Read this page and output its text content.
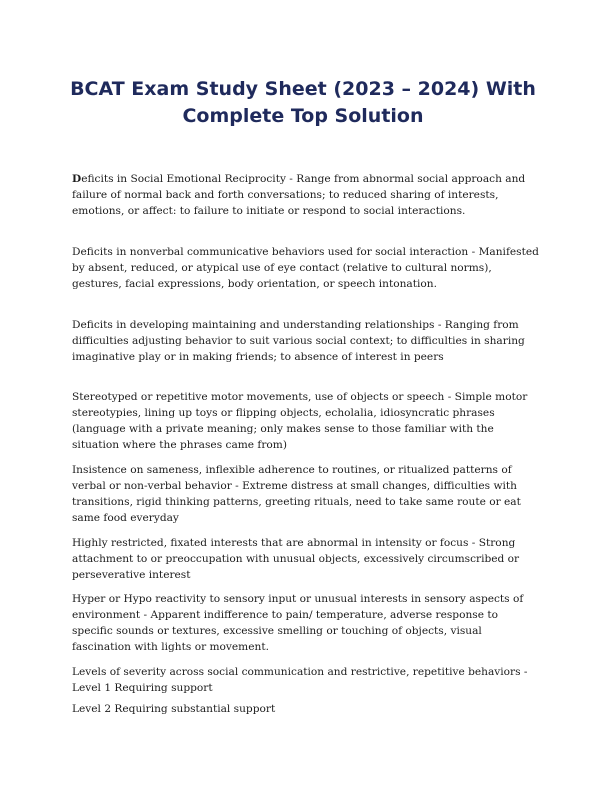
BCAT Exam Study Sheet (2023 – 2024) With
Complete Top Solution

Deficits in Social Emotional Reciprocity - Range from abnormal social approach and failure of normal back and forth conversations; to reduced sharing of interests, emotions, or affect: to failure to initiate or respond to social interactions.

Deficits in nonverbal communicative behaviors used for social interaction - Manifested by absent, reduced, or atypical use of eye contact (relative to cultural norms), gestures, facial expressions, body orientation, or speech intonation.

Deficits in developing maintaining and understanding relationships - Ranging from difficulties adjusting behavior to suit various social context; to difficulties in sharing imaginative play or in making friends; to absence of interest in peers

Stereotyped or repetitive motor movements, use of objects or speech - Simple motor stereotypies, lining up toys or flipping objects, echolalia, idiosyncratic phrases (language with a private meaning; only makes sense to those familiar with the situation where the phrases came from)

Insistence on sameness, inflexible adherence to routines, or ritualized patterns of verbal or non-verbal behavior - Extreme distress at small changes, difficulties with transitions, rigid thinking patterns, greeting rituals, need to take same route or eat same food everyday

Highly restricted, fixated interests that are abnormal in intensity or focus - Strong attachment to or preoccupation with unusual objects, excessively circumscribed or perseverative interest

Hyper or Hypo reactivity to sensory input or unusual interests in sensory aspects of environment - Apparent indifference to pain/ temperature, adverse response to specific sounds or textures, excessive smelling or touching of objects, visual fascination with lights or movement.

Levels of severity across social communication and restrictive, repetitive behaviors - Level 1 Requiring support

Level 2 Requiring substantial support
